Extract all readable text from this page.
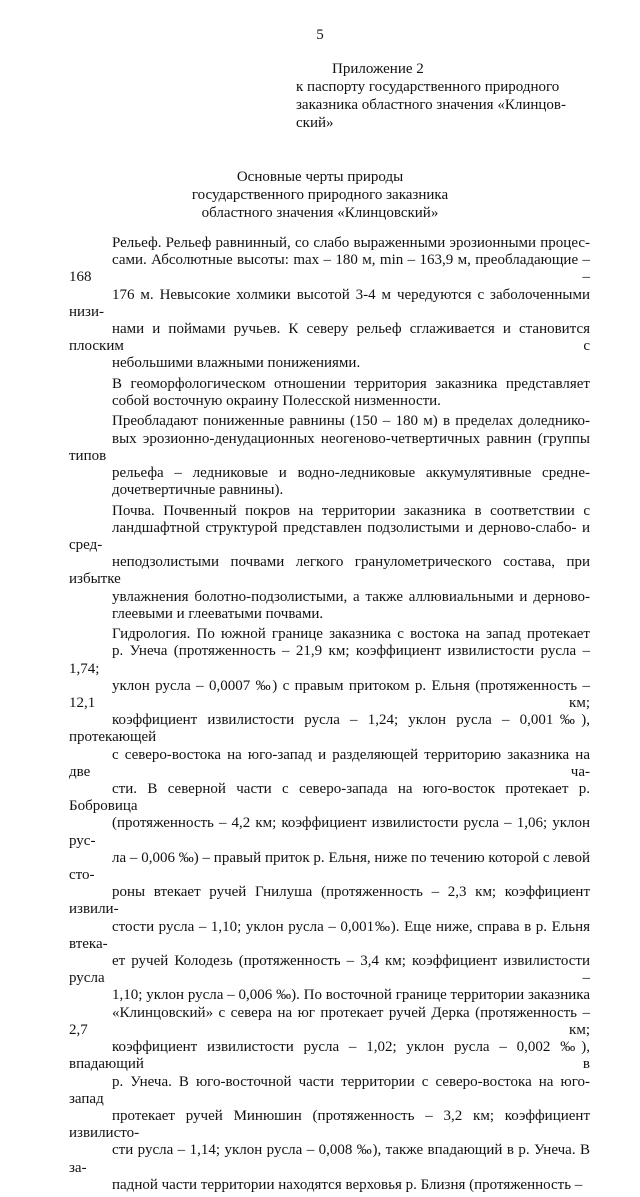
5
Приложение 2
к паспорту государственного природного
заказника областного значения «Клинцов-
ский»
Основные черты природы
государственного природного заказника
областного значения «Клинцовский»
Рельеф. Рельеф равнинный, со слабо выраженными эрозионными процес-
сами. Абсолютные высоты: max – 180 м, min – 163,9 м, преобладающие – 168 –
176 м. Невысокие холмики высотой 3-4 м чередуются с заболоченными низи-
нами и поймами ручьев. К северу рельеф сглаживается и становится плоским с
небольшими влажными понижениями.
В геоморфологическом отношении территория заказника представляет
собой восточную окраину Полесской низменности.
Преобладают пониженные равнины (150 – 180 м) в пределах доледнико-
вых эрозионно-денудационных неогеново-четвертичных равнин (группы типов
рельефа – ледниковые и водно-ледниковые аккумулятивные средне-
дочетвертичные равнины).
Почва. Почвенный покров на территории заказника в соответствии с
ландшафтной структурой представлен подзолистыми и дерново-слабо- и сред-
неподзолистыми почвами легкого гранулометрического состава, при избытке
увлажнения болотно-подзолистыми, а также аллювиальными и дерново-
глеевыми и глееватыми почвами.
Гидрология. По южной границе заказника с востока на запад протекает
р. Унеча (протяженность – 21,9 км; коэффициент извилистости русла – 1,74;
уклон русла – 0,0007 ‰) с правым притоком р. Ельня (протяженность – 12,1 км;
коэффициент извилистости русла – 1,24; уклон русла – 0,001‰), протекающей
с северо-востока на юго-запад и разделяющей территорию заказника на две ча-
сти. В северной части с северо-запада на юго-восток протекает р. Бобровица
(протяженность – 4,2 км; коэффициент извилистости русла – 1,06; уклон рус-
ла – 0,006 ‰) – правый приток р. Ельня, ниже по течению которой с левой сто-
роны втекает ручей Гнилуша (протяженность – 2,3 км; коэффициент извили-
стости русла – 1,10; уклон русла – 0,001‰). Еще ниже, справа в р. Ельня втека-
ет ручей Колодезь (протяженность – 3,4 км; коэффициент извилистости русла –
1,10; уклон русла – 0,006 ‰). По восточной границе территории заказника
«Клинцовский» с севера на юг протекает ручей Дерка (протяженность – 2,7 км;
коэффициент извилистости русла – 1,02; уклон русла – 0,002 ‰), впадающий в
р. Унеча. В юго-восточной части территории с северо-востока на юго-запад
протекает ручей Минюшин (протяженность – 3,2 км; коэффициент извилисто-
сти русла – 1,14; уклон русла – 0,008 ‰), также впадающий в р. Унеча. В за-
падной части территории находятся верховья р. Близня (протяженность –
